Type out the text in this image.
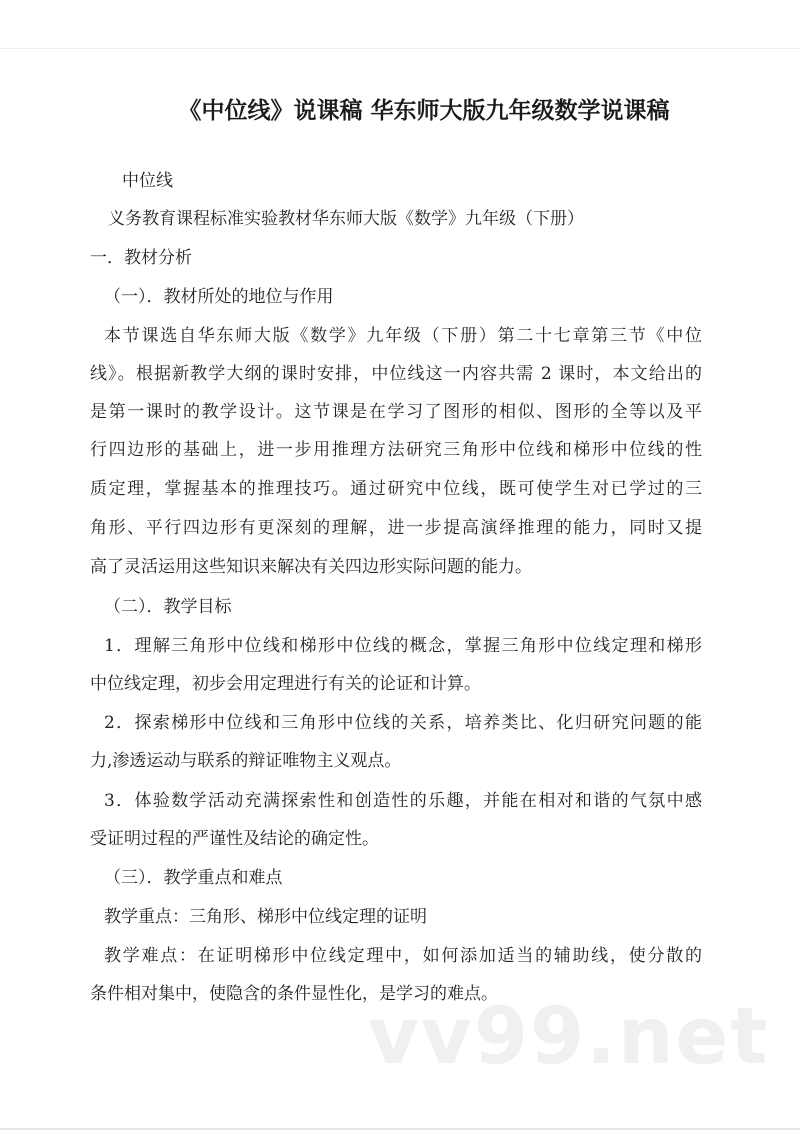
《中位线》说课稿 华东师大版九年级数学说课稿
中位线
义务教育课程标准实验教材华东师大版《数学》九年级（下册）
一．教材分析
（一）．教材所处的地位与作用
本节课选自华东师大版《数学》九年级（下册）第二十七章第三节《中位
线》。根据新教学大纲的课时安排，中位线这一内容共需 2 课时，本文给出的
是第一课时的教学设计。这节课是在学习了图形的相似、图形的全等以及平
行四边形的基础上，进一步用推理方法研究三角形中位线和梯形中位线的性
质定理，掌握基本的推理技巧。通过研究中位线，既可使学生对已学过的三
角形、平行四边形有更深刻的理解，进一步提高演绎推理的能力，同时又提
高了灵活运用这些知识来解决有关四边形实际问题的能力。
（二）．教学目标
1．理解三角形中位线和梯形中位线的概念，掌握三角形中位线定理和梯形
中位线定理，初步会用定理进行有关的论证和计算。
2．探索梯形中位线和三角形中位线的关系，培养类比、化归研究问题的能
力,渗透运动与联系的辩证唯物主义观点。
3．体验数学活动充满探索性和创造性的乐趣，并能在相对和谐的气氛中感
受证明过程的严谨性及结论的确定性。
（三）．教学重点和难点
教学重点：三角形、梯形中位线定理的证明
教学难点：在证明梯形中位线定理中，如何添加适当的辅助线，使分散的
条件相对集中，使隐含的条件显性化，是学习的难点。
vv99.net
